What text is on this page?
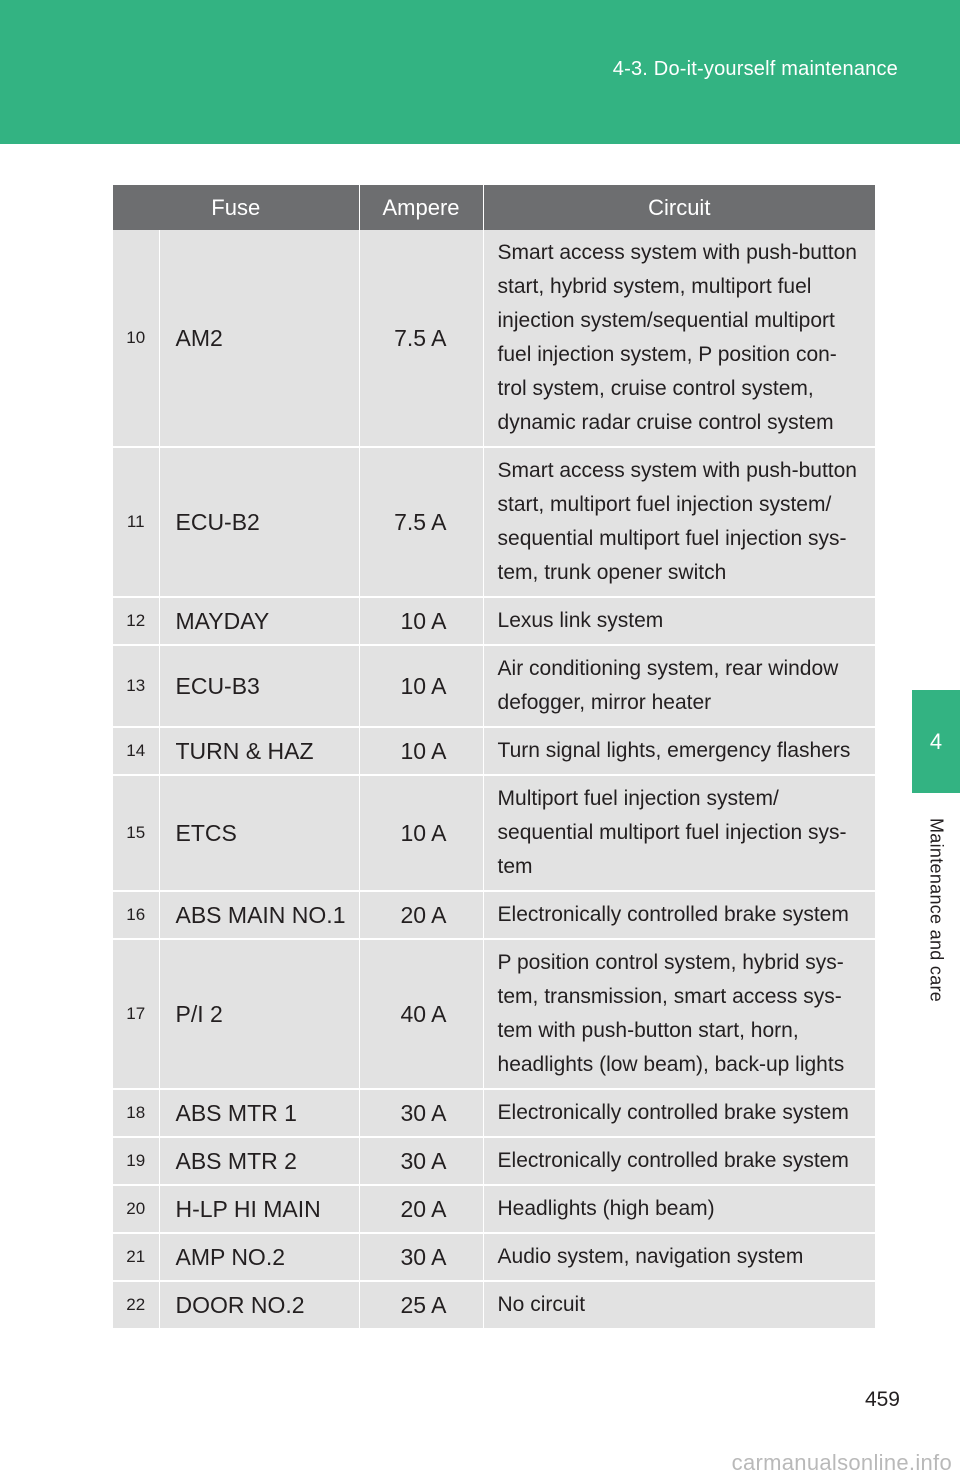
4-3. Do-it-yourself maintenance
4
Maintenance and care
Fuse		Ampere	Circuit
10	AM2	7.5 A	Smart access system with push-button start, hybrid system, multiport fuel injection system/sequential multiport fuel injection system, P position con- trol system, cruise control system, dynamic radar cruise control system
11	ECU-B2	7.5 A	Smart access system with push-button start, multiport fuel injection system/ sequential multiport fuel injection sys- tem, trunk opener switch
12	MAYDAY	10 A	Lexus link system
13	ECU-B3	10 A	Air conditioning system, rear window defogger, mirror heater
14	TURN & HAZ	10 A	Turn signal lights, emergency flashers
15	ETCS	10 A	Multiport fuel injection system/ sequential multiport fuel injection sys- tem
16	ABS MAIN NO.1	20 A	Electronically controlled brake system
17	P/I 2	40 A	P position control system, hybrid sys- tem, transmission, smart access sys- tem with push-button start, horn, headlights (low beam), back-up lights
18	ABS MTR 1	30 A	Electronically controlled brake system
19	ABS MTR 2	30 A	Electronically controlled brake system
20	H-LP HI MAIN	20 A	Headlights (high beam)
21	AMP NO.2	30 A	Audio system, navigation system
22	DOOR NO.2	25 A	No circuit
459
carmanualsonline.info
